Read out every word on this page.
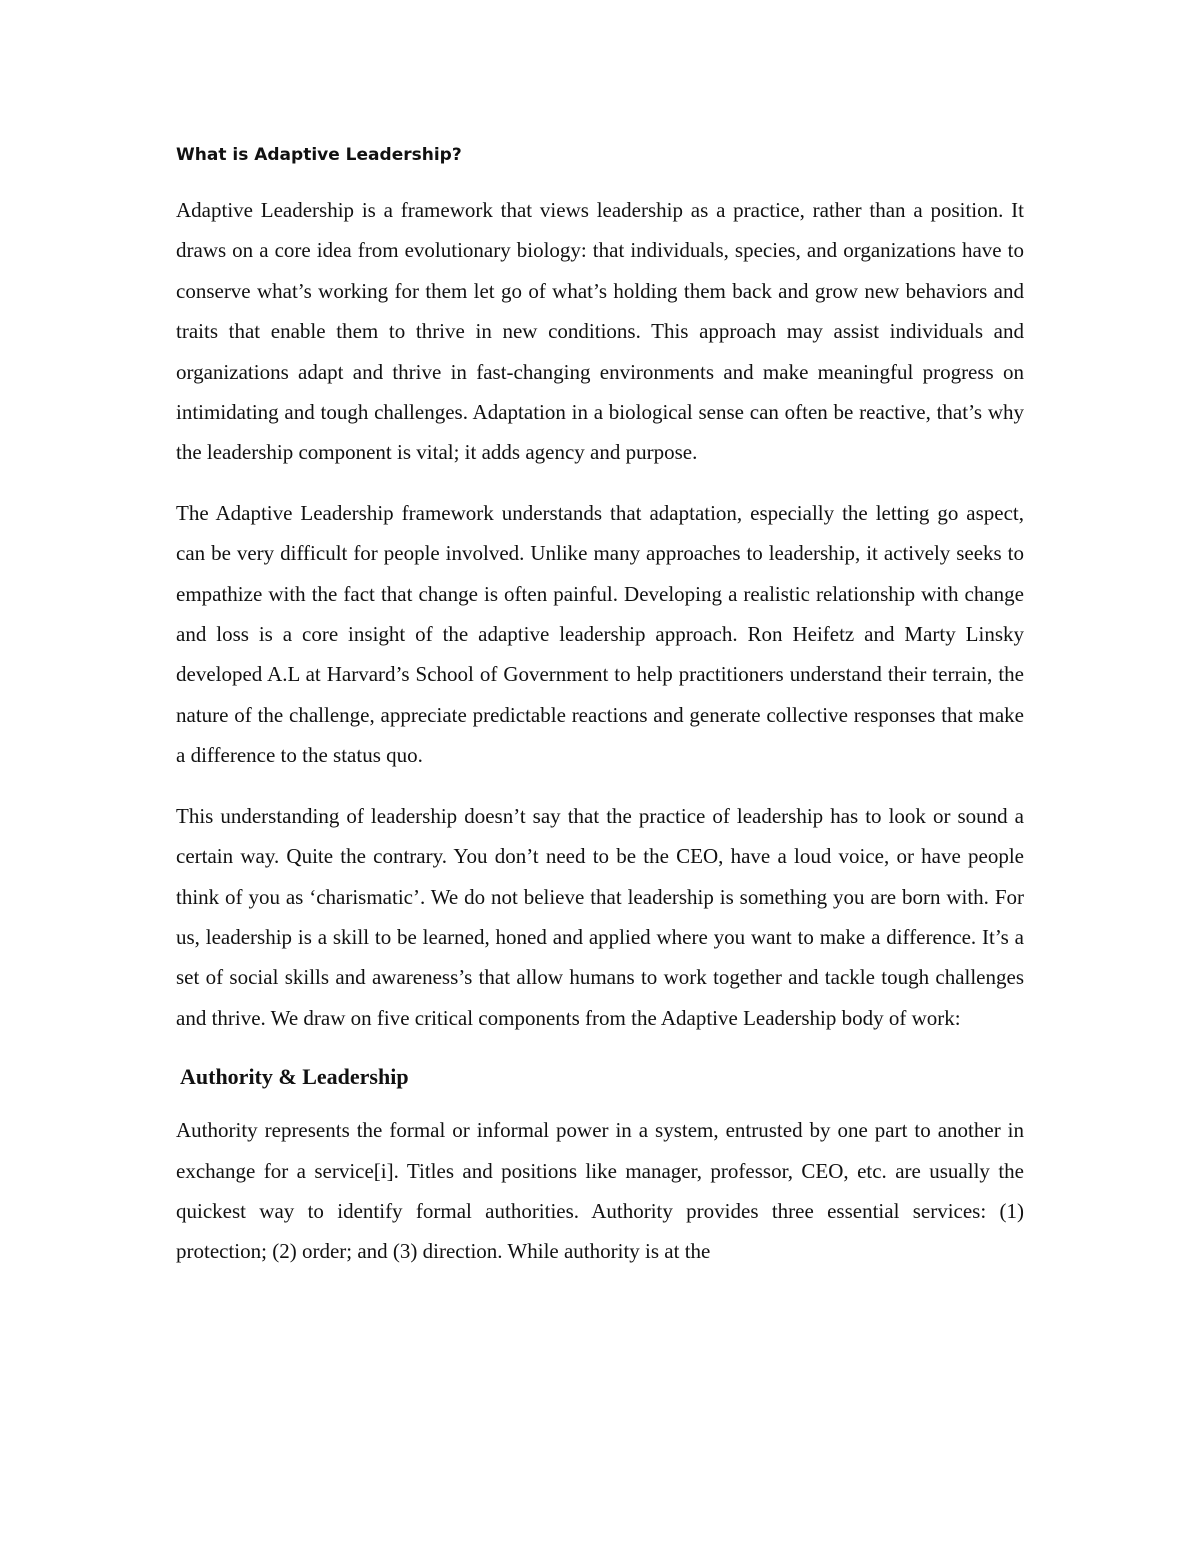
What is Adaptive Leadership?

Adaptive Leadership is a framework that views leadership as a practice, rather than a position. It draws on a core idea from evolutionary biology: that individuals, species, and organizations have to conserve what’s working for them let go of what’s holding them back and grow new behaviors and traits that enable them to thrive in new conditions. This approach may assist individuals and organizations adapt and thrive in fast-changing environments and make meaningful progress on intimidating and tough challenges. Adaptation in a biological sense can often be reactive, that’s why the leadership component is vital; it adds agency and purpose.

The Adaptive Leadership framework understands that adaptation, especially the letting go aspect, can be very difficult for people involved. Unlike many approaches to leadership, it actively seeks to empathize with the fact that change is often painful. Developing a realistic relationship with change and loss is a core insight of the adaptive leadership approach. Ron Heifetz and Marty Linsky developed A.L at Harvard’s School of Government to help practitioners understand their terrain, the nature of the challenge, appreciate predictable reactions and generate collective responses that make a difference to the status quo.

This understanding of leadership doesn’t say that the practice of leadership has to look or sound a certain way. Quite the contrary. You don’t need to be the CEO, have a loud voice, or have people think of you as ‘charismatic’. We do not believe that leadership is something you are born with. For us, leadership is a skill to be learned, honed and applied where you want to make a difference. It’s a set of social skills and awareness’s that allow humans to work together and tackle tough challenges and thrive. We draw on five critical components from the Adaptive Leadership body of work:

Authority & Leadership

Authority represents the formal or informal power in a system, entrusted by one part to another in exchange for a service[i]. Titles and positions like manager, professor, CEO, etc. are usually the quickest way to identify formal authorities. Authority provides three essential services: (1) protection; (2) order; and (3) direction. While authority is at the
